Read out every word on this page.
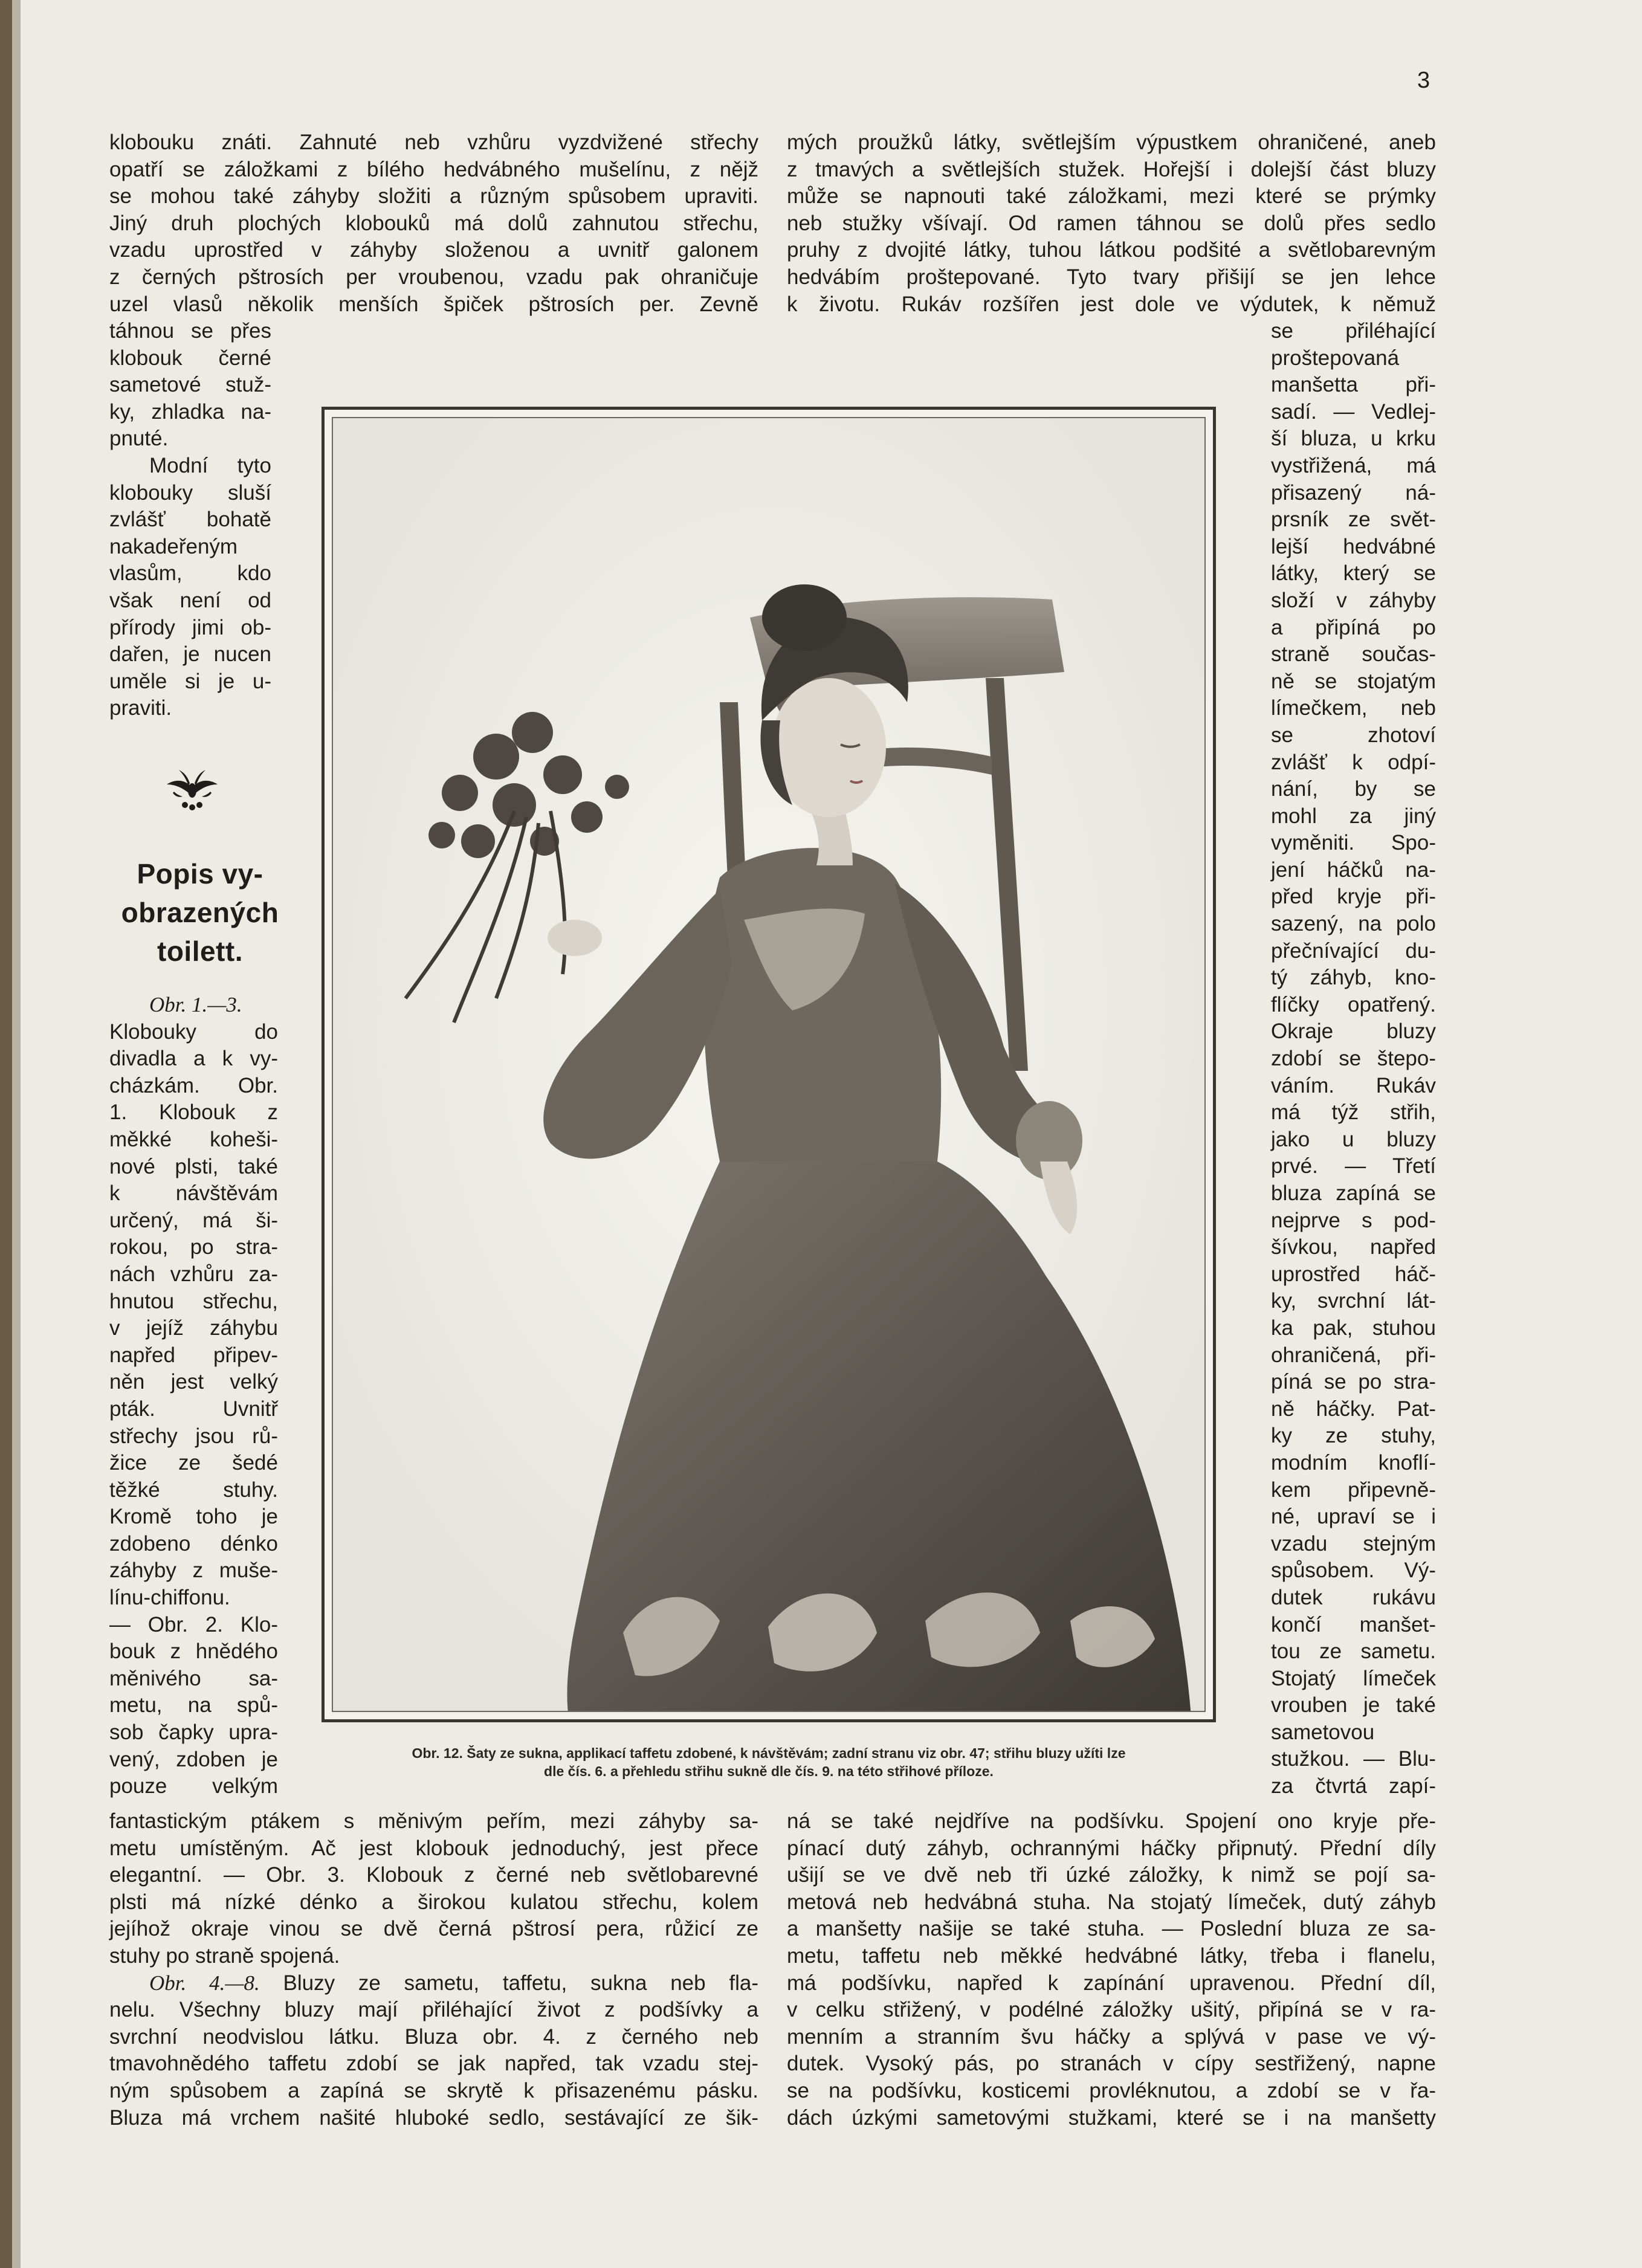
3
klobouku znáti. Zahnuté neb vzhůru vyzdvižené střechy
opatří se záložkami z bílého hedvábného mušelínu, z nějž
se mohou také záhyby složiti a různým spůsobem upraviti.
Jiný druh plochých klobouků má dolů zahnutou střechu,
vzadu uprostřed v záhyby složenou a uvnitř galonem
z černých pštrosích per vroubenou, vzadu pak ohraničuje
uzel vlasů několik menších špiček pštrosích per. Zevně
mých proužků látky, světlejším výpustkem ohraničené, aneb
z tmavých a světlejších stužek. Hořejší i dolejší část bluzy
může se napnouti také záložkami, mezi které se prýmky
neb stužky všívají. Od ramen táhnou se dolů přes sedlo
pruhy z dvojité látky, tuhou látkou podšité a světlobarevným
hedvábím proštepované. Tyto tvary přišijí se jen lehce
k životu. Rukáv rozšířen jest dole ve výdutek, k němuž
táhnou se přes
klobouk černé
sametové stuž-
ky, zhladka na-
pnuté.
Modní tyto
klobouky sluší
zvlášť bohatě
nakadeřeným
vlasům, kdo
však není od
přírody jimi ob-
dařen, je nucen
uměle si je u-
praviti.
Popis vy-
obrazených
toilett.
Obr. 1.—3.
Klobouky do
divadla a k vy-
cházkám. Obr.
1. Klobouk z
měkké koheši-
nové plsti, také
k návštěvám
určený, má ši-
rokou, po stra-
nách vzhůru za-
hnutou střechu,
v jejíž záhybu
napřed připev-
něn jest velký
pták. Uvnitř
střechy jsou rů-
žice ze šedé
těžké stuhy.
Kromě toho je
zdobeno dénko
záhyby z muše-
línu-chiffonu.
— Obr. 2. Klo-
bouk z hnědého
měnivého sa-
metu, na spů-
sob čapky upra-
vený, zdoben je
pouze velkým
se přiléhající
proštepovaná
manšetta při-
sadí. — Vedlej-
ší bluza, u krku
vystřižená, má
přisazený ná-
prsník ze svět-
lejší hedvábné
látky, který se
složí v záhyby
a připíná po
straně součas-
ně se stojatým
límečkem, neb
se zhotoví
zvlášť k odpí-
nání, by se
mohl za jiný
vyměniti. Spo-
jení háčků na-
před kryje při-
sazený, na polo
přečnívající du-
tý záhyb, kno-
flíčky opatřený.
Okraje bluzy
zdobí se štepo-
váním. Rukáv
má týž střih,
jako u bluzy
prvé. — Třetí
bluza zapíná se
nejprve s pod-
šívkou, napřed
uprostřed háč-
ky, svrchní lát-
ka pak, stuhou
ohraničená, při-
píná se po stra-
ně háčky. Pat-
ky ze stuhy,
modním knoflí-
kem připevně-
né, upraví se i
vzadu stejným
spůsobem. Vý-
dutek rukávu
končí manšet-
tou ze sametu.
Stojatý límeček
vrouben je také
sametovou
stužkou. — Blu-
za čtvrtá zapí-
Obr. 12. Šaty ze sukna, applikací taffetu zdobené, k návštěvám; zadní stranu viz obr. 47; střihu bluzy užíti lze
dle čís. 6. a přehledu střihu sukně dle čís. 9. na této střihové příloze.
fantastickým ptákem s měnivým peřím, mezi záhyby sa-
metu umístěným. Ač jest klobouk jednoduchý, jest přece
elegantní. — Obr. 3. Klobouk z černé neb světlobarevné
plsti má nízké dénko a širokou kulatou střechu, kolem
jejíhož okraje vinou se dvě černá pštrosí pera, růžicí ze
stuhy po straně spojená.
Obr. 4.—8. Bluzy ze sametu, taffetu, sukna neb fla-
nelu. Všechny bluzy mají přiléhající život z podšívky a
svrchní neodvislou látku. Bluza obr. 4. z černého neb
tmavohnědého taffetu zdobí se jak napřed, tak vzadu stej-
ným spůsobem a zapíná se skrytě k přisazenému pásku.
Bluza má vrchem našité hluboké sedlo, sestávající ze šik-
ná se také nejdříve na podšívku. Spojení ono kryje pře-
pínací dutý záhyb, ochrannými háčky připnutý. Přední díly
ušijí se ve dvě neb tři úzké záložky, k nimž se pojí sa-
metová neb hedvábná stuha. Na stojatý límeček, dutý záhyb
a manšetty našije se také stuha. — Poslední bluza ze sa-
metu, taffetu neb měkké hedvábné látky, třeba i flanelu,
má podšívku, napřed k zapínání upravenou. Přední díl,
v celku střižený, v podélné záložky ušitý, připíná se v ra-
menním a stranním švu háčky a splývá v pase ve vý-
dutek. Vysoký pás, po stranách v cípy sestřižený, napne
se na podšívku, kosticemi provléknutou, a zdobí se v řa-
dách úzkými sametovými stužkami, které se i na manšetty
